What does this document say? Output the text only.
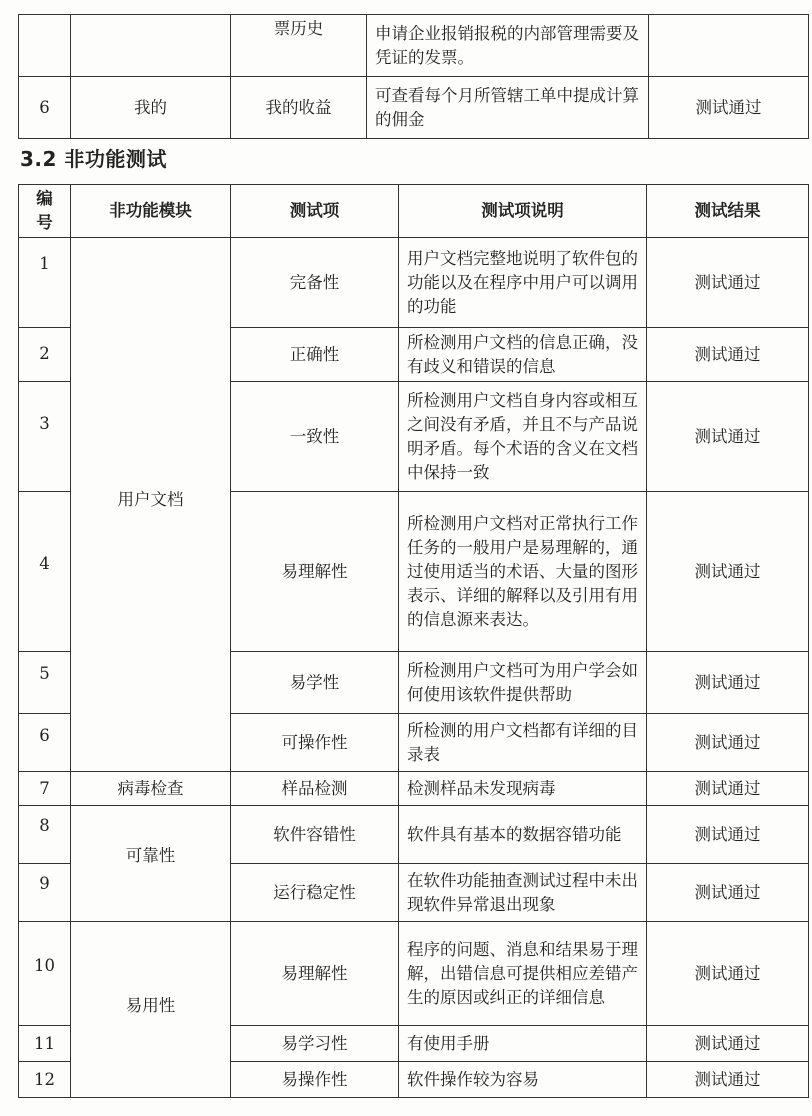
		票历史	申请企业报销报税的内部管理需要及凭证的发票。	
6	我的	我的收益	可查看每个月所管辖工单中提成计算的佣金	测试通过
3.2 非功能测试
编号	非功能模块	测试项	测试项说明	测试结果
1	用户文档	完备性	用户文档完整地说明了软件包的功能以及在程序中用户可以调用的功能	测试通过
2		正确性	所检测用户文档的信息正确，没有歧义和错误的信息	测试通过
3		一致性	所检测用户文档自身内容或相互之间没有矛盾，并且不与产品说明矛盾。每个术语的含义在文档中保持一致	测试通过
4		易理解性	所检测用户文档对正常执行工作任务的一般用户是易理解的，通过使用适当的术语、大量的图形表示、详细的解释以及引用有用的信息源来表达。	测试通过
5		易学性	所检测用户文档可为用户学会如何使用该软件提供帮助	测试通过
6		可操作性	所检测的用户文档都有详细的目录表	测试通过
7	病毒检查	样品检测	检测样品未发现病毒	测试通过
8	可靠性	软件容错性	软件具有基本的数据容错功能	测试通过
9		运行稳定性	在软件功能抽查测试过程中未出现软件异常退出现象	测试通过
10	易用性	易理解性	程序的问题、消息和结果易于理解，出错信息可提供相应差错产生的原因或纠正的详细信息	测试通过
11		易学习性	有使用手册	测试通过
12		易操作性	软件操作较为容易	测试通过
